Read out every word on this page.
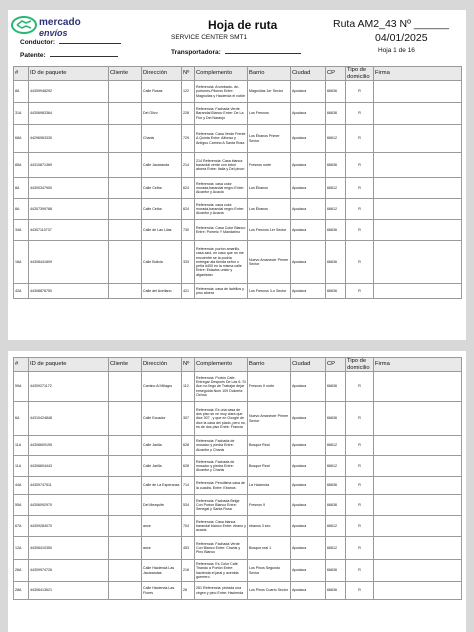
mercado
envíos
Hoja de ruta	Ruta AM2_43 Nº ______
04/01/2025
Hoja 1 de 16
SERVICE CENTER SMT1
Transportadora:
Conductor:
Patente:
#	ID de paquete	Cliente	Dirección	Nº	Complemento	Barrio	Ciudad	CP	Tipo de domicilio	Firma
8A	44309948292		Calle Rosas	122	Referencia: Arumbado- de-portones-Pilonos Entre: Magnolias y Hacienda el noble	Magnolias 1er Sector	Apodaca	66636	R	
31A	44306983364		Del Olivo	228	Referencia: Fachada Verde Barandal Blanco Entre: De La Flor y Del Naranjo	Los Fresnos	Apodaca	66636	R	
68A	44296963330		Chanis	729	Referencia: Casa Verde Frente A Quinta Entre: Alfonso y Antiguo Camino A Santa Rosa	Los Ébanos Primer Sector	Apodaca	66612	R	
85A	44310871369		Calle Jacaranda	214	214 Referencia: Casa blanca barandal verde con árbol afuera Entre: Italia y Del pinon	Fresnos norte	Apodaca	66636	R	
8A	44300347900		Calle Ceiba	624	Referencia: casa color morada,barandal negro Entre: Alcanfor y Acacia	Los Ébanos	Apodaca	66612	R	
8A	44307399768		Calle Ceiba	624	Referencia: casa color morada,barandal negro Entre: Alcanfor y Acacia	Los Ébanos	Apodaca	66612	R	
34A	44307110737		Calle de Las Lilas	730	Referencia: Casa Color Blanco Entre: Pomelo Y Mandarino	Los Fresnos 1er Sector	Apodaca	66636	R	
16A	44308441809		Calle Bolivia	333	Referencia: porton amarillo, casa azul, en caso que no me encuentre se la podría entregar ala tienda señor o peña #400 en la misma calle Entre: Estados unido y afganistan	Nuevo Amanecer Primer Sector	Apodaca	66636	R	
42A	44308878750		Calle del Avellano	421	Referencia: casa de ladrillos y pino afuera	Los Fresnos 3-o Sector	Apodaca	66636	R	
#	ID de paquete	Cliente	Dirección	Nº	Complemento	Barrio	Ciudad	CP	Tipo de domicilio	Firma
59A	44309271172		Camino Al Milagro	112	Referencia: Portón Cafe. Entregar Después De Las 6. Si Aun no llego de Trabajar dejar enseguida Num 109 Dulceria Ochoa	Fresnos II norte	Apodaca	66636	R	
6A	44310424848		Calle Ecuador	307	Referencia: Es una casa de dos piso se ve muy clara que dice 307 , y que en Google de dice la casa del plado, pero no, es de dos piso Entre: Francia	Nuevo Amanecer Primer Sector	Apodaca	66636	R	
11A	44306609195		Calle Jarilla	628	Referencia: Fachada de mosaico y piedra Entre: Alcanfor y Chanis	Bosque Real	Apodaca	66612	R	
11A	44306604443		Calle Jarilla	628	Referencia: Fachada de mosaico y piedra Entre: Alcanfor y Chanis	Bosque Real	Apodaca	66612	R	
44A	44309747511		Calle de La Esperanza	714	Referencia: Penúltima casa de la cuadra. Entre: Ebanos	La Hacienda	Apodaca	66636	R	
55A	44306092970		Del Mezquite	534	Referencia: Fachada Beige Con Porton Blanco Entre: Senegal y Santa Rosa	Fresnos 9	Apodaca	66636	R	
67A	44309284070		ance	704	Referencia: Casa blanca barandal blanco Entre: ebano y acacia	ebanos 3 sec	Apodaca	66612	R	
12A	44306410350		ance	453	Referencia: Fachada Verde Con Blanco Entre: Chanis y Pino Blanco	Bosque real 1	Apodaca	66612	R	
26A	44309974726		Calle Hacienda Las Jacarandas	216	Referencia: Es Color Café Tirando a Portón Entre: hacienda el jaral y avenida guerrero	Los Pinos Segundo Sector	Apodaca	66636	R	
28A	44306413621		Calle Hacienda Las Flores	28	261 Referencia: pintada una virgen y pino Entre: Hacienda	Los Pinos Cuarto Sector	Apodaca	66636	R	
